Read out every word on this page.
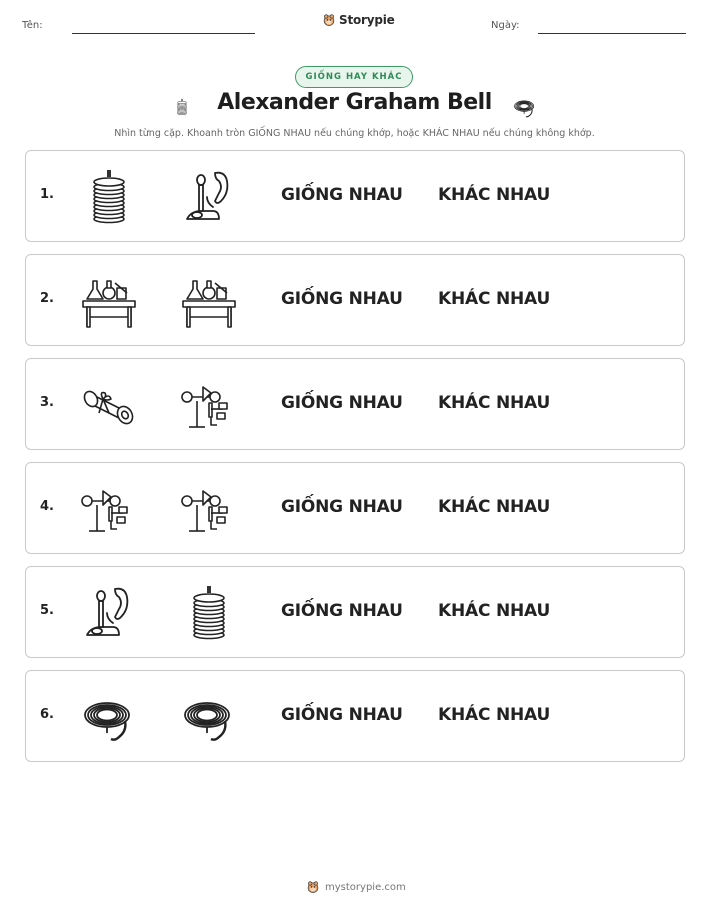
Tên:	Storypie	Ngày:
GIỐNG HAY KHÁC
Alexander Graham Bell
Nhìn từng cặp. Khoanh tròn GIỐNG NHAU nếu chúng khớp, hoặc KHÁC NHAU nếu chúng không khớp.
1.	GIỐNG NHAU KHÁC NHAU
2.	GIỐNG NHAU KHÁC NHAU
3.	GIỐNG NHAU KHÁC NHAU
4.	GIỐNG NHAU KHÁC NHAU
5.	GIỐNG NHAU KHÁC NHAU
6.	GIỐNG NHAU KHÁC NHAU
mystorypie.com
